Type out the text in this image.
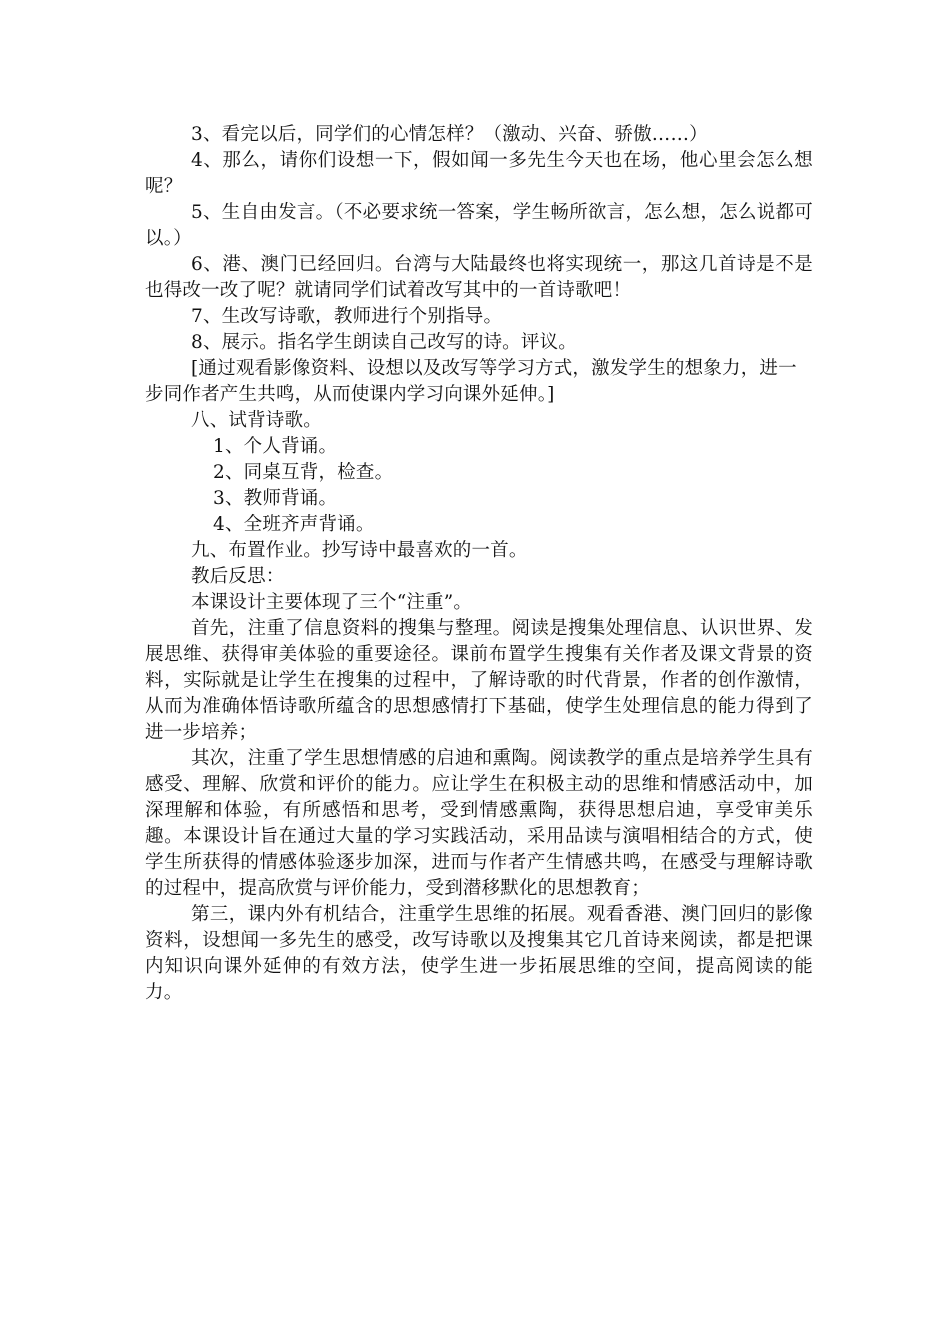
3、看完以后，同学们的心情怎样？（激动、兴奋、骄傲……）

4、那么，请你们设想一下，假如闻一多先生今天也在场，他心里会怎么想呢？

5、生自由发言。（不必要求统一答案，学生畅所欲言，怎么想，怎么说都可以。）

6、港、澳门已经回归。台湾与大陆最终也将实现统一，那这几首诗是不是也得改一改了呢？就请同学们试着改写其中的一首诗歌吧！

7、生改写诗歌，教师进行个别指导。

8、展示。指名学生朗读自己改写的诗。评议。

[通过观看影像资料、设想以及改写等学习方式，激发学生的想象力，进一步同作者产生共鸣，从而使课内学习向课外延伸。]

八、试背诗歌。

1、个人背诵。

2、同桌互背，检查。

3、教师背诵。

4、全班齐声背诵。

九、布置作业。抄写诗中最喜欢的一首。

教后反思：

本课设计主要体现了三个“注重”。

首先，注重了信息资料的搜集与整理。阅读是搜集处理信息、认识世界、发展思维、获得审美体验的重要途径。课前布置学生搜集有关作者及课文背景的资料，实际就是让学生在搜集的过程中，了解诗歌的时代背景，作者的创作激情，从而为准确体悟诗歌所蕴含的思想感情打下基础，使学生处理信息的能力得到了进一步培养；

其次，注重了学生思想情感的启迪和熏陶。阅读教学的重点是培养学生具有感受、理解、欣赏和评价的能力。应让学生在积极主动的思维和情感活动中，加深理解和体验，有所感悟和思考，受到情感熏陶，获得思想启迪，享受审美乐趣。本课设计旨在通过大量的学习实践活动，采用品读与演唱相结合的方式，使学生所获得的情感体验逐步加深，进而与作者产生情感共鸣，在感受与理解诗歌的过程中，提高欣赏与评价能力，受到潜移默化的思想教育；

第三，课内外有机结合，注重学生思维的拓展。观看香港、澳门回归的影像资料，设想闻一多先生的感受，改写诗歌以及搜集其它几首诗来阅读，都是把课内知识向课外延伸的有效方法，使学生进一步拓展思维的空间，提高阅读的能力。
